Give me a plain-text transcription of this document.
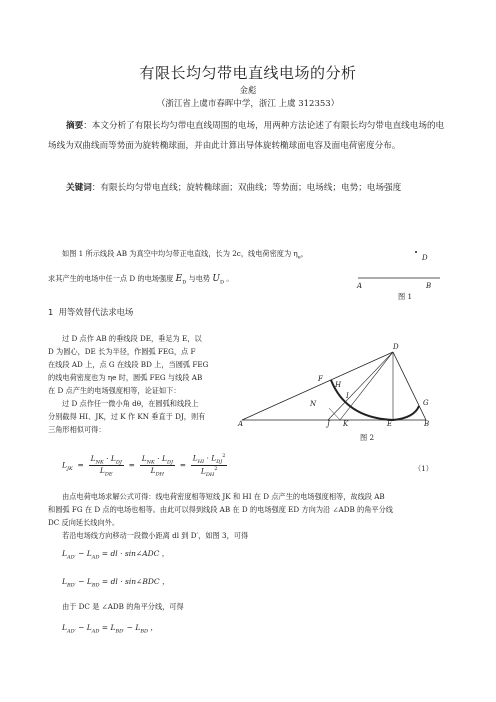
有限长均匀带电直线电场的分析
金彪
（浙江省上虞市春晖中学，浙江 上虞 312353）
摘要：本文分析了有限长均匀带电直线周围的电场，用两种方法论述了有限长均匀带电直线电场的电场线为双曲线而等势面为旋转椭球面，并由此计算出导体旋转椭球面电容及面电荷密度分布。
关键词：有限长均匀带电直线；旋转椭球面；双曲线；等势面；电场线；电势；电场强度
如图 1 所示线段 AB 为真空中均匀带正电直线，长为 2c，线电荷密度为 $\eta_e$，
求其产生的电场中任一点 D 的电场强度 $E_D$ 与电势 $U_D$ 。
D
A	B
图 1
1 用等效替代法求电场
过 D 点作 AB 的垂线段 DE，垂足为 E，以
D 为圆心，DE 长为半径，作圆弧 FEG，点 F
在线段 AD 上，点 G 在线段 BD 上，当圆弧 FEG
的线电荷密度也为 ηe 时，圆弧 FEG 与线段 AB
在 D 点产生的电场强度相等，论证如下：
过 D 点作任一微小角 dθ，在圆弧和线段上
分别截得 HI、JK，过 K 作 KN 垂直于 DJ，则有
三角形相似可得：
D
F
H
I
N	G
A	J K	E	B
图 2
$L_{JK} = \frac{L_{NK} \cdot L_{DJ}}{L_{DE}} = \frac{L_{NK} \cdot L_{DJ}}{L_{DH}} = \frac{L_{HI} \cdot L_{DJ}^2}{L_{DH}^2}$	（1）
由点电荷电场求解公式可得：线电荷密度相等短线 JK 和 HI 在 D 点产生的电场强度相等，故线段 AB
和圆弧 FG 在 D 点的电场也相等。由此可以得到线段 AB 在 D 的电场强度 ED 方向为沿 ∠ADB 的角平分线
DC 反向延长线向外。
若沿电场线方向移动一段微小距离 dl 到 D′，如图 3，可得
$L_{AD'} - L_{AD}$ = dl · sin∠ADC ，
$L_{BD'} - L_{BD}$ = dl · sin∠BDC ，
由于 DC 是 ∠ADB 的角平分线，可得
$L_{AD'} - L_{AD} = L_{BD'} - L_{BD}$ ，
